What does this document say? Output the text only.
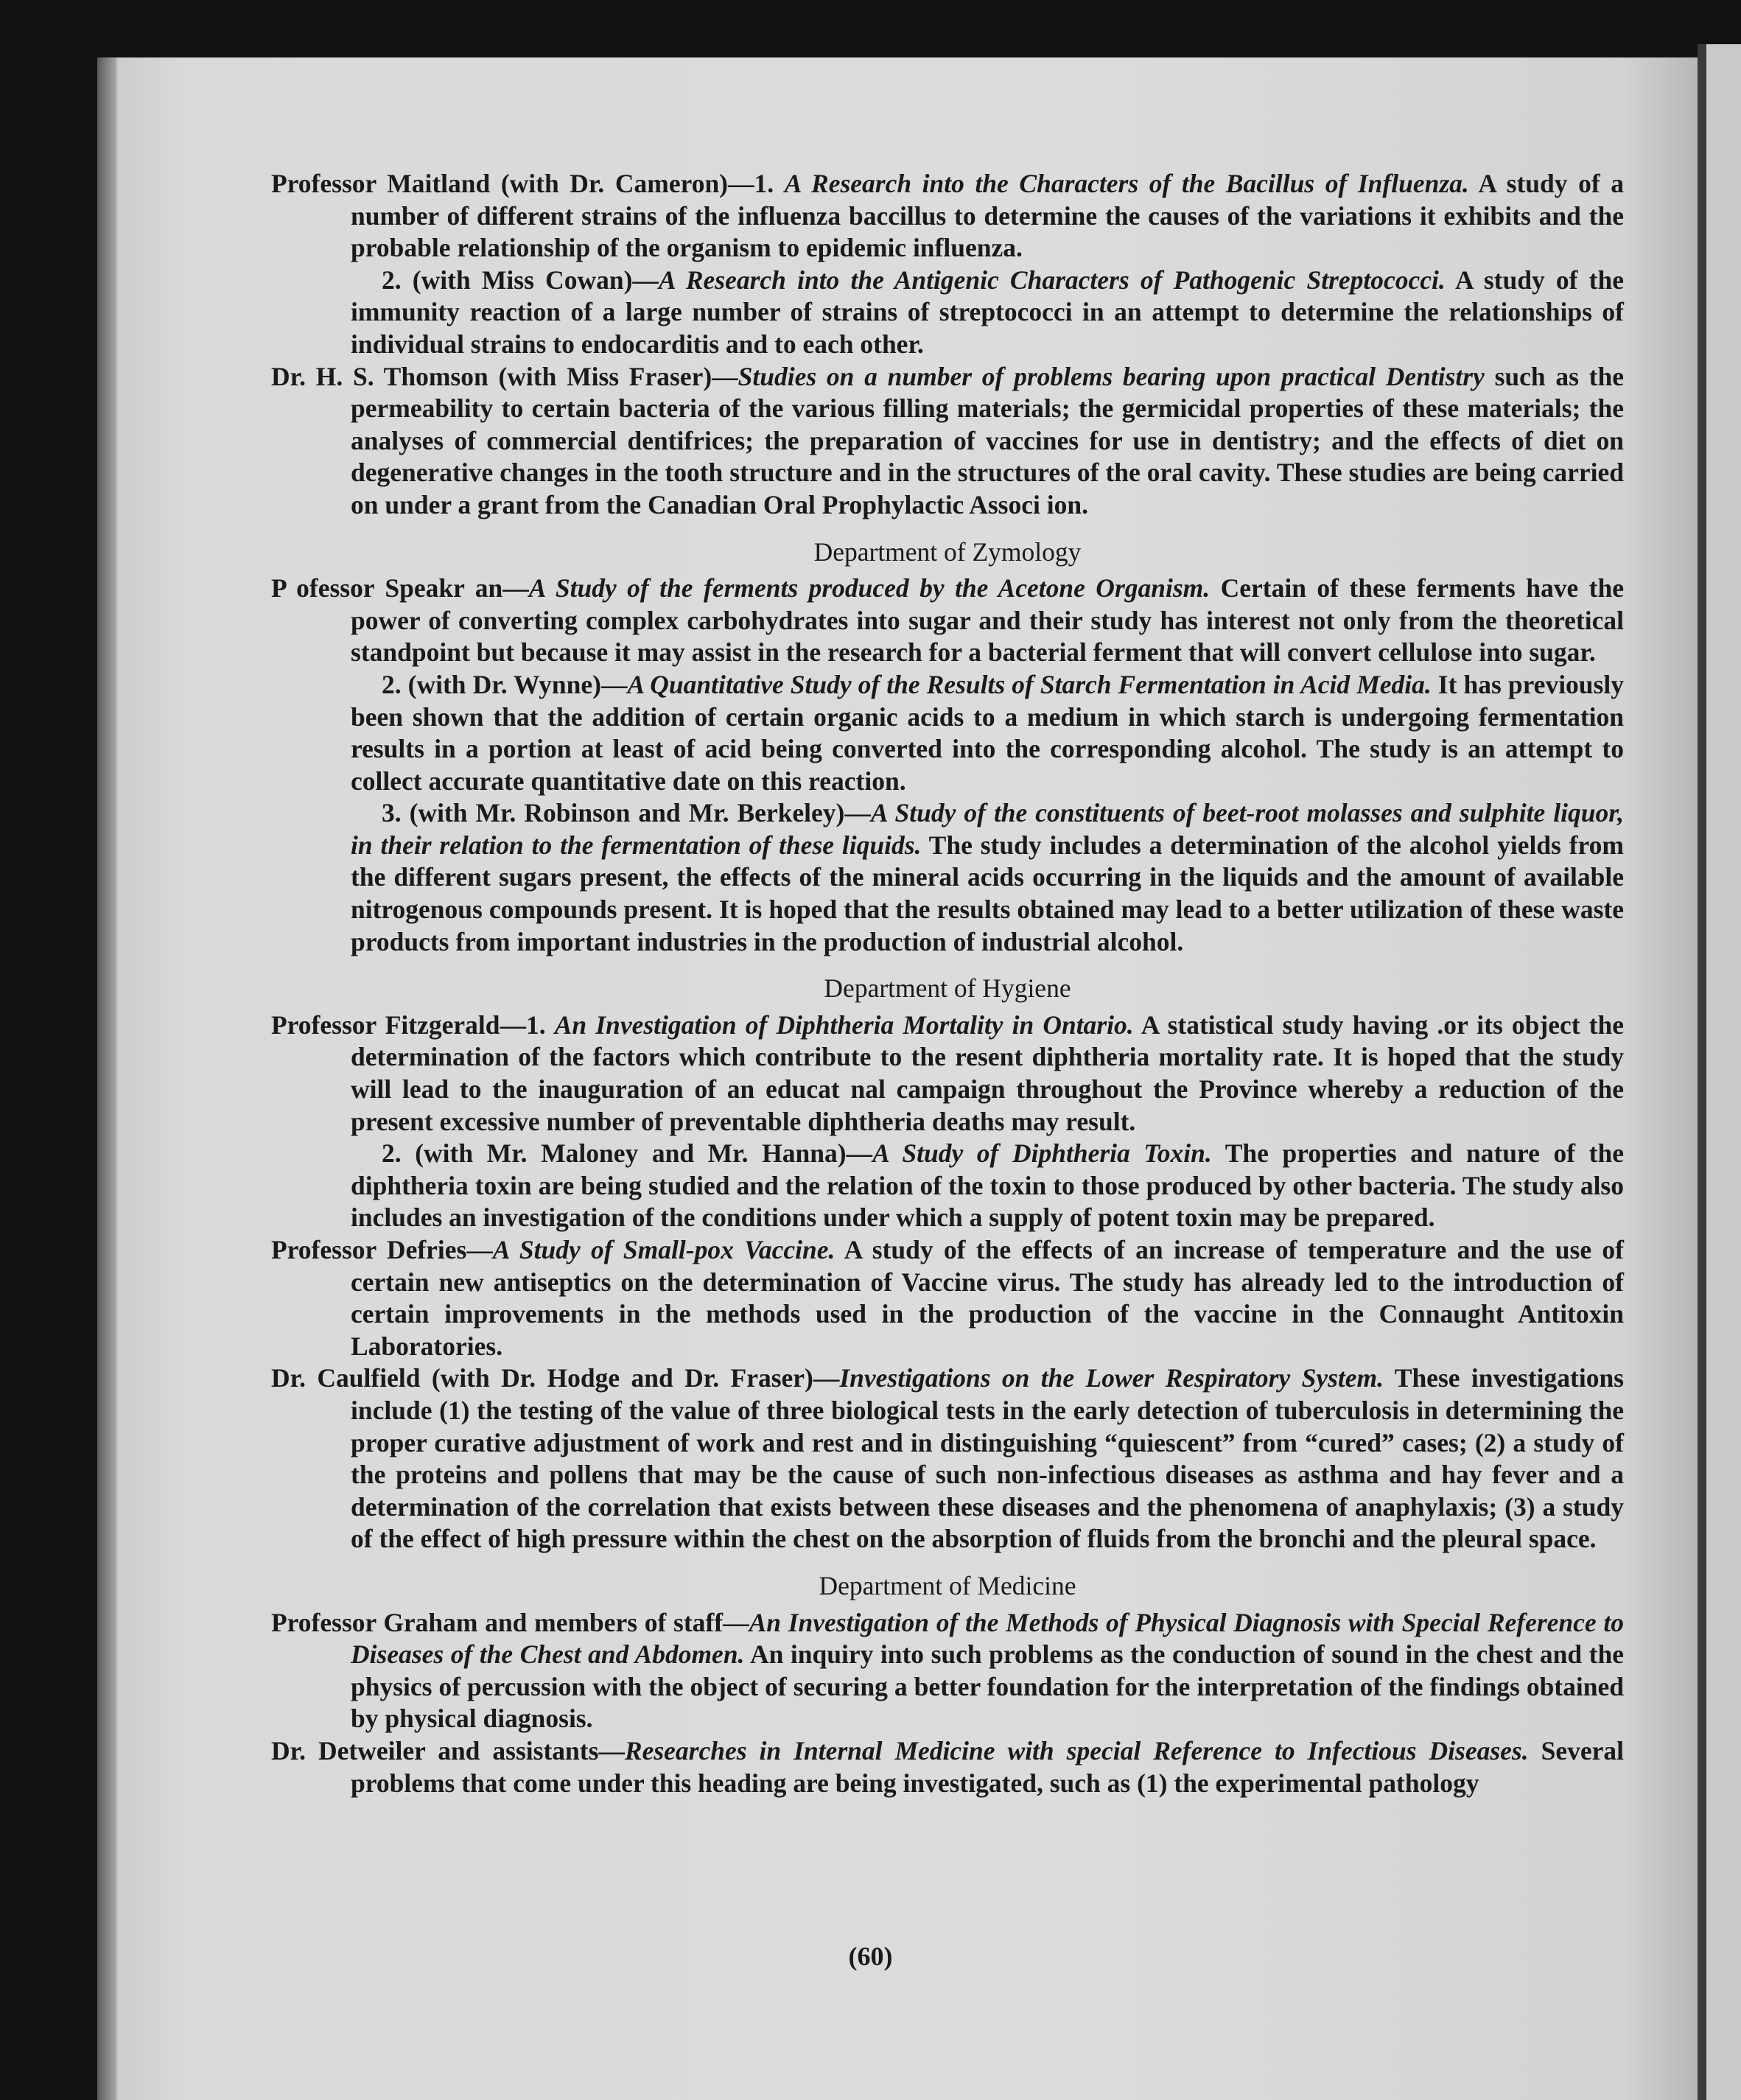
Professor Maitland (with Dr. Cameron)—1. A Research into the Characters of the Bacillus of Influenza. A study of a number of different strains of the influenza baccillus to determine the causes of the variations it exhibits and the probable relationship of the organism to epidemic influenza.

2. (with Miss Cowan)—A Research into the Antigenic Characters of Pathogenic Streptococci. A study of the immunity reaction of a large number of strains of streptococci in an attempt to determine the relationships of individual strains to endocarditis and to each other.

Dr. H. S. Thomson (with Miss Fraser)—Studies on a number of problems bearing upon practical Dentistry such as the permeability to certain bacteria of the various filling materials; the germicidal properties of these materials; the analyses of commercial dentifrices; the preparation of vaccines for use in dentistry; and the effects of diet on degenerative changes in the tooth structure and in the structures of the oral cavity. These studies are being carried on under a grant from the Canadian Oral Prophylactic Associ ion.

Department of Zymology

P ofessor Speakr an—A Study of the ferments produced by the Acetone Organism. Certain of these ferments have the power of converting complex carbohydrates into sugar and their study has interest not only from the theoretical standpoint but because it may assist in the research for a bacterial ferment that will convert cellulose into sugar.

2. (with Dr. Wynne)—A Quantitative Study of the Results of Starch Fermentation in Acid Media. It has previously been shown that the addition of certain organic acids to a medium in which starch is undergoing fermentation results in a portion at least of acid being converted into the corresponding alcohol. The study is an attempt to collect accurate quantitative date on this reaction.

3. (with Mr. Robinson and Mr. Berkeley)—A Study of the constituents of beet-root molasses and sulphite liquor, in their relation to the fermentation of these liquids. The study includes a determination of the alcohol yields from the different sugars present, the effects of the mineral acids occurring in the liquids and the amount of available nitrogenous compounds present. It is hoped that the results obtained may lead to a better utilization of these waste products from important industries in the production of industrial alcohol.

Department of Hygiene

Professor Fitzgerald—1. An Investigation of Diphtheria Mortality in Ontario. A statistical study having .or its object the determination of the factors which contribute to the resent diphtheria mortality rate. It is hoped that the study will lead to the inauguration of an educat nal campaign throughout the Province whereby a reduction of the present excessive number of preventable diphtheria deaths may result.

2. (with Mr. Maloney and Mr. Hanna)—A Study of Diphtheria Toxin. The properties and nature of the diphtheria toxin are being studied and the relation of the toxin to those produced by other bacteria. The study also includes an investigation of the conditions under which a supply of potent toxin may be prepared.

Professor Defries—A Study of Small-pox Vaccine. A study of the effects of an increase of temperature and the use of certain new antiseptics on the determination of Vaccine virus. The study has already led to the introduction of certain improvements in the methods used in the production of the vaccine in the Connaught Antitoxin Laboratories.

Dr. Caulfield (with Dr. Hodge and Dr. Fraser)—Investigations on the Lower Respiratory System. These investigations include (1) the testing of the value of three biological tests in the early detection of tuberculosis in determining the proper curative adjustment of work and rest and in distinguishing “quiescent” from “cured” cases; (2) a study of the proteins and pollens that may be the cause of such non-infectious diseases as asthma and hay fever and a determination of the correlation that exists between these diseases and the phenomena of anaphylaxis; (3) a study of the effect of high pressure within the chest on the absorption of fluids from the bronchi and the pleural space.

Department of Medicine

Professor Graham and members of staff—An Investigation of the Methods of Physical Diagnosis with Special Reference to Diseases of the Chest and Abdomen. An inquiry into such problems as the conduction of sound in the chest and the physics of percussion with the object of securing a better foundation for the interpretation of the findings obtained by physical diagnosis.

Dr. Detweiler and assistants—Researches in Internal Medicine with special Reference to Infectious Diseases. Several problems that come under this heading are being investigated, such as (1) the experimental pathology

(60)
